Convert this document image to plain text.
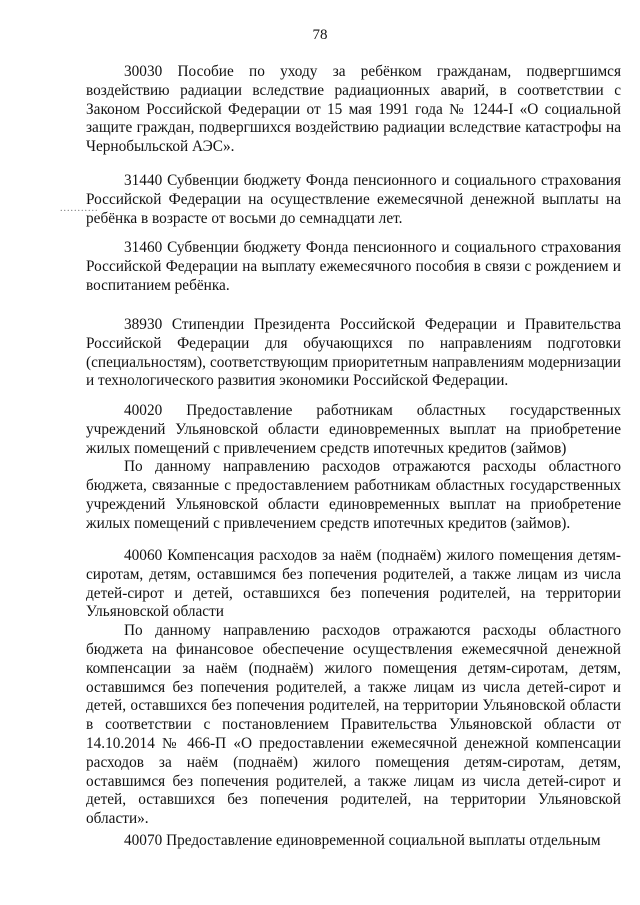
78
...........

30030 Пособие по уходу за ребёнком гражданам, подвергшимся воздействию радиации вследствие радиационных аварий, в соответствии с Законом Российской Федерации от 15 мая 1991 года № 1244-I «О социальной защите граждан, подвергшихся воздействию радиации вследствие катастрофы на Чернобыльской АЭС».

31440 Субвенции бюджету Фонда пенсионного и социального страхования Российской Федерации на осуществление ежемесячной денежной выплаты на ребёнка в возрасте от восьми до семнадцати лет.

31460 Субвенции бюджету Фонда пенсионного и социального страхования Российской Федерации на выплату ежемесячного пособия в связи с рождением и воспитанием ребёнка.

38930 Стипендии Президента Российской Федерации и Правительства Российской Федерации для обучающихся по направлениям подготовки (специальностям), соответствующим приоритетным направлениям модернизации и технологического развития экономики Российской Федерации.

40020 Предоставление работникам областных государственных учреждений Ульяновской области единовременных выплат на приобретение жилых помещений с привлечением средств ипотечных кредитов (займов)

По данному направлению расходов отражаются расходы областного бюджета, связанные с предоставлением работникам областных государственных учреждений Ульяновской области единовременных выплат на приобретение жилых помещений с привлечением средств ипотечных кредитов (займов).

40060 Компенсация расходов за наём (поднаём) жилого помещения детям-сиротам, детям, оставшимся без попечения родителей, а также лицам из числа детей-сирот и детей, оставшихся без попечения родителей, на территории Ульяновской области

По данному направлению расходов отражаются расходы областного бюджета на финансовое обеспечение осуществления ежемесячной денежной компенсации за наём (поднаём) жилого помещения детям-сиротам, детям, оставшимся без попечения родителей, а также лицам из числа детей-сирот и детей, оставшихся без попечения родителей, на территории Ульяновской области в соответствии с постановлением Правительства Ульяновской области от 14.10.2014 № 466-П «О предоставлении ежемесячной денежной компенсации расходов за наём (поднаём) жилого помещения детям-сиротам, детям, оставшимся без попечения родителей, а также лицам из числа детей-сирот и детей, оставшихся без попечения родителей, на территории Ульяновской области».

40070 Предоставление единовременной социальной выплаты отдельным
